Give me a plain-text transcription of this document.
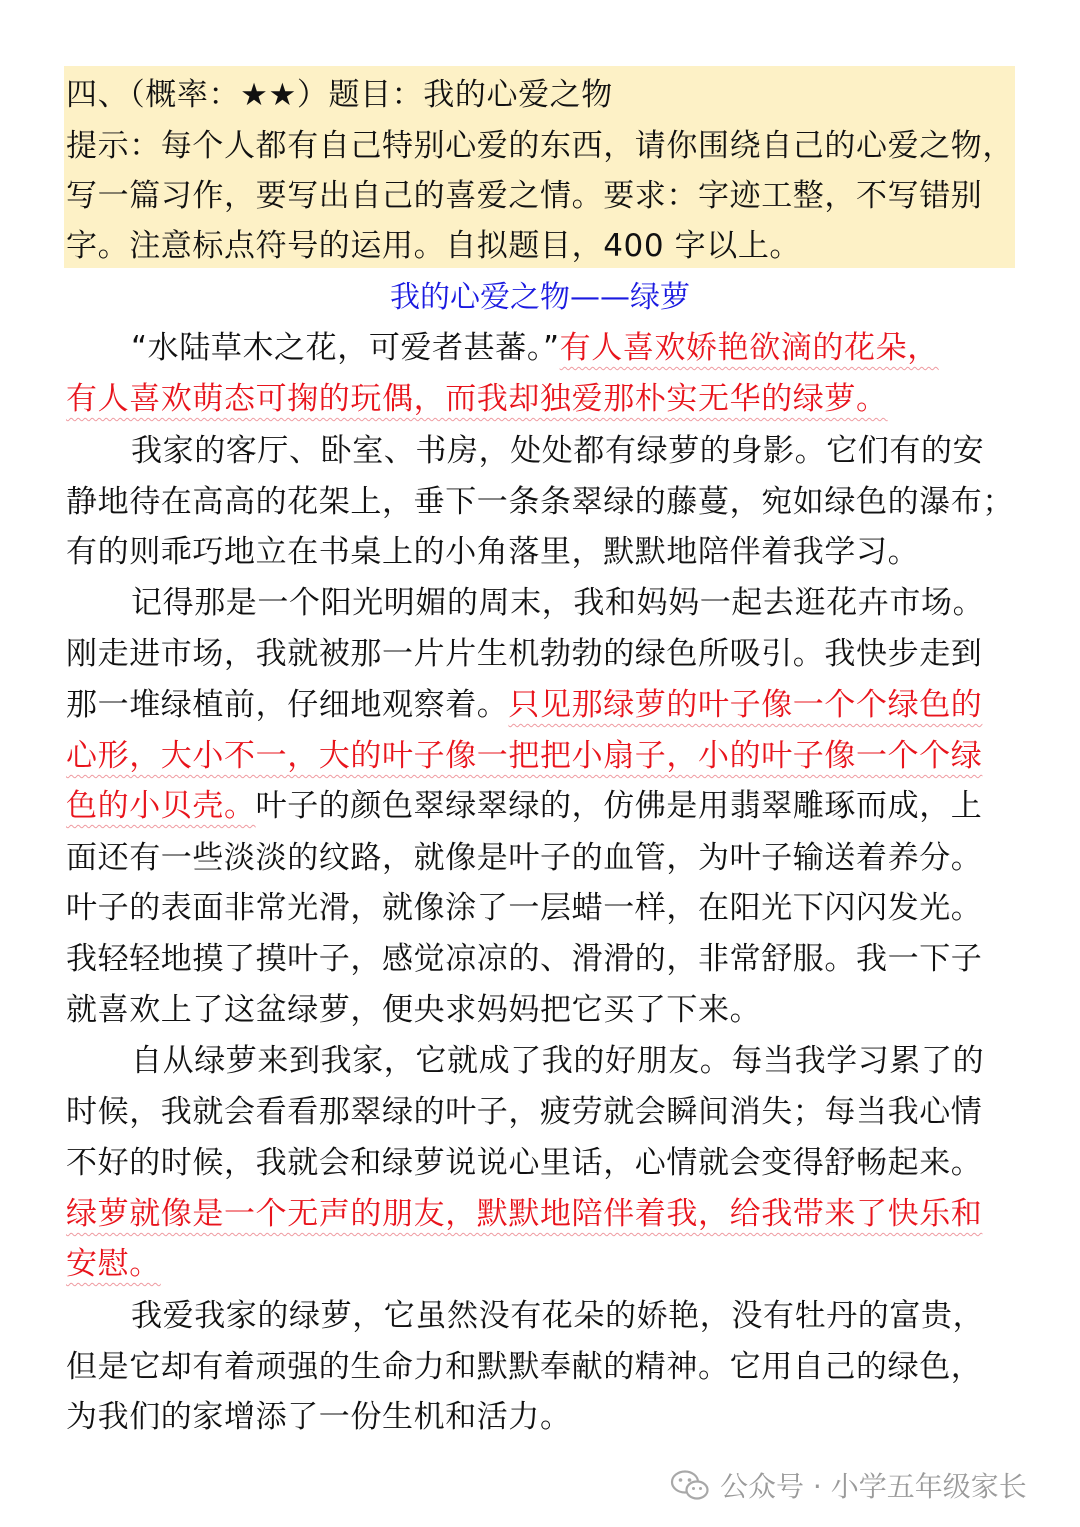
四、（概率：★★）题目：我的心爱之物
提示：每个人都有自己特别心爱的东西，请你围绕自己的心爱之物，
写一篇习作，要写出自己的喜爱之情。要求：字迹工整，不写错别
字。注意标点符号的运用。自拟题目，400 字以上。
我的心爱之物——绿萝
“水陆草木之花，可爱者甚蕃。”有人喜欢娇艳欲滴的花朵，
有人喜欢萌态可掬的玩偶，而我却独爱那朴实无华的绿萝。
我家的客厅、卧室、书房，处处都有绿萝的身影。它们有的安
静地待在高高的花架上，垂下一条条翠绿的藤蔓，宛如绿色的瀑布；
有的则乖巧地立在书桌上的小角落里，默默地陪伴着我学习。
记得那是一个阳光明媚的周末，我和妈妈一起去逛花卉市场。
刚走进市场，我就被那一片片生机勃勃的绿色所吸引。我快步走到
那一堆绿植前，仔细地观察着。只见那绿萝的叶子像一个个绿色的
心形，大小不一，大的叶子像一把把小扇子，小的叶子像一个个绿
色的小贝壳。叶子的颜色翠绿翠绿的，仿佛是用翡翠雕琢而成，上
面还有一些淡淡的纹路，就像是叶子的血管，为叶子输送着养分。
叶子的表面非常光滑，就像涂了一层蜡一样，在阳光下闪闪发光。
我轻轻地摸了摸叶子，感觉凉凉的、滑滑的，非常舒服。我一下子
就喜欢上了这盆绿萝，便央求妈妈把它买了下来。
自从绿萝来到我家，它就成了我的好朋友。每当我学习累了的
时候，我就会看看那翠绿的叶子，疲劳就会瞬间消失；每当我心情
不好的时候，我就会和绿萝说说心里话，心情就会变得舒畅起来。
绿萝就像是一个无声的朋友，默默地陪伴着我，给我带来了快乐和
安慰。
我爱我家的绿萝，它虽然没有花朵的娇艳，没有牡丹的富贵，
但是它却有着顽强的生命力和默默奉献的精神。它用自己的绿色，
为我们的家增添了一份生机和活力。
公众号 · 小学五年级家长
